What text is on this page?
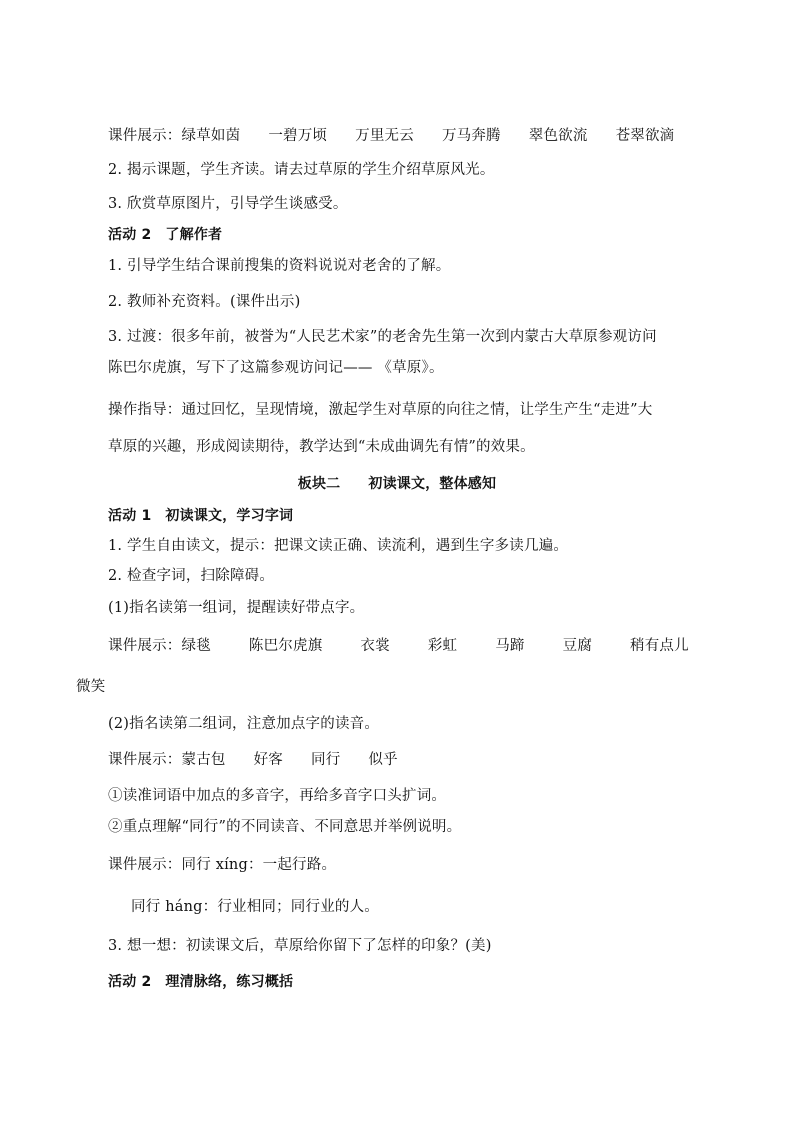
课件展示：绿草如茵 一碧万顷 万里无云 万马奔腾 翠色欲流 苍翠欲滴
2. 揭示课题，学生齐读。请去过草原的学生介绍草原风光。
3. 欣赏草原图片，引导学生谈感受。
活动 2 了解作者
1. 引导学生结合课前搜集的资料说说对老舍的了解。
2. 教师补充资料。(课件出示)
3. 过渡：很多年前，被誉为“人民艺术家”的老舍先生第一次到内蒙古大草原参观访问
陈巴尔虎旗，写下了这篇参观访问记—— 《草原》。
操作指导：通过回忆，呈现情境，激起学生对草原的向往之情，让学生产生“走进”大
草原的兴趣，形成阅读期待，教学达到“未成曲调先有情”的效果。
板块二 初读课文，整体感知
活动 1 初读课文，学习字词
1. 学生自由读文，提示：把课文读正确、读流利，遇到生字多读几遍。
2. 检查字词，扫除障碍。
(1)指名读第一组词，提醒读好带点字。
课件展示：绿毯	陈巴尔虎旗	衣裳	彩虹	马蹄	豆腐	稍有点儿
微笑
(2)指名读第二组词，注意加点字的读音。
课件展示：蒙古包 好客 同行 似乎
①读准词语中加点的多音字，再给多音字口头扩词。
②重点理解“同行”的不同读音、不同意思并举例说明。
课件展示：同行 xíng：一起行路。
同行 háng：行业相同；同行业的人。
3. 想一想：初读课文后，草原给你留下了怎样的印象？(美)
活动 2 理清脉络，练习概括
